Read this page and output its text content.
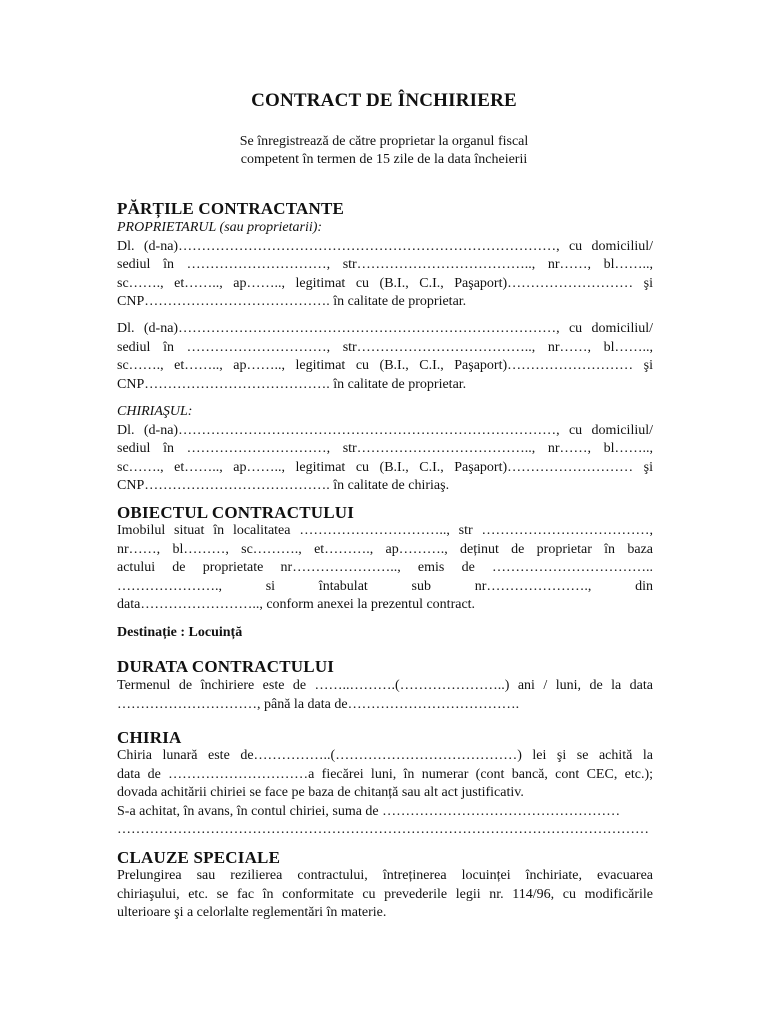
CONTRACT DE ÎNCHIRIERE
Se înregistrează de către proprietar la organul fiscal
competent în termen de 15 zile de la data încheierii
PĂRȚILE CONTRACTANTE
PROPRIETARUL (sau proprietarii):
Dl. (d-na)………………………………………………………………………, cu domiciliul/
sediul în …………………………, str……………………………….., nr……, bl……..,
sc……., et…….., ap…….., legitimat cu (B.I., C.I., Paşaport)……………………… şi
CNP…………………………………. în calitate de proprietar.
Dl. (d-na)………………………………………………………………………, cu domiciliul/
sediul în …………………………, str……………………………….., nr……, bl……..,
sc……., et…….., ap…….., legitimat cu (B.I., C.I., Paşaport)……………………… şi
CNP…………………………………. în calitate de proprietar.
CHIRIAŞUL:
Dl. (d-na)………………………………………………………………………, cu domiciliul/
sediul în …………………………, str……………………………….., nr……, bl……..,
sc……., et…….., ap…….., legitimat cu (B.I., C.I., Paşaport)……………………… şi
CNP…………………………………. în calitate de chiriaş.
OBIECTUL CONTRACTULUI
Imobilul situat în localitatea ………………………….., str ………………………………,
nr……, bl………, sc………., et………., ap………., deținut de proprietar în baza
actului de proprietate nr………………….., emis de ……………………………..
…………………., si întabulat sub nr…………………., din
data…………………….., conform anexei la prezentul contract.
Destinație : Locuință
DURATA CONTRACTULUI
Termenul de închiriere este de ……..……….(…………………..) ani / luni, de la data
…………………………, până la data de……………………………….
CHIRIA
Chiria lunară este de……………..(…………………………………) lei şi se achită la
data de …………………………a fiecărei luni, în numerar (cont bancă, cont CEC, etc.);
dovada achitării chiriei se face pe baza de chitanță sau alt act justificativ.
S-a achitat, în avans, în contul chiriei, suma de ……………………………………………
……………………………………………………………………………………………………
CLAUZE SPECIALE
Prelungirea sau rezilierea contractului, întreținerea locuinței închiriate, evacuarea
chiriaşului, etc. se fac în conformitate cu prevederile legii nr. 114/96, cu modificările
ulterioare şi a celorlalte reglementări în materie.
